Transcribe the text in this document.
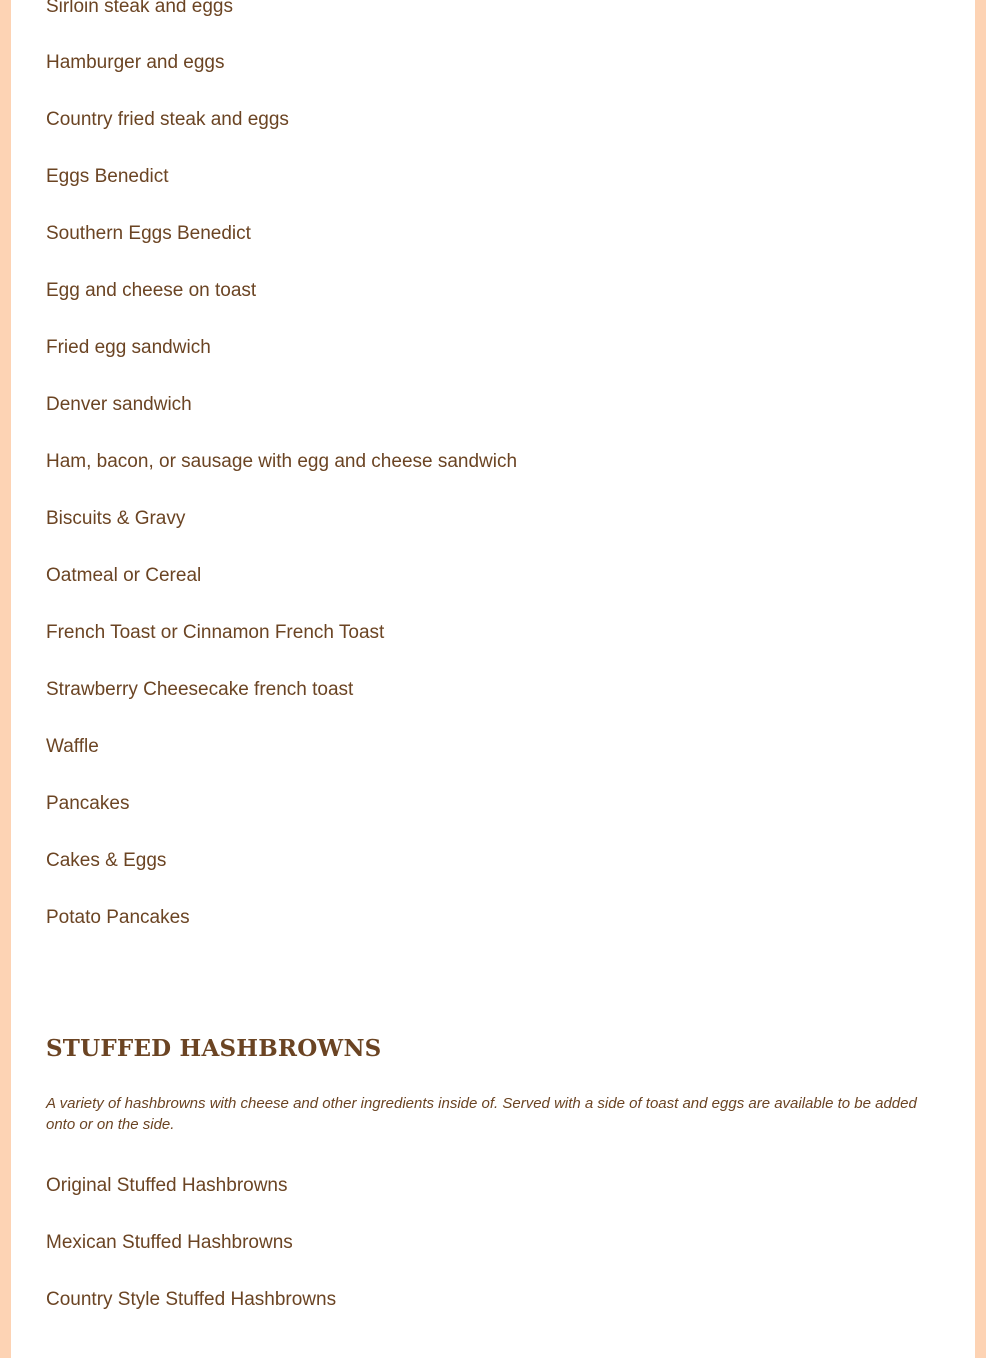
Sirloin steak and eggs
Hamburger and eggs
Country fried steak and eggs
Eggs Benedict
Southern Eggs Benedict
Egg and cheese on toast
Fried egg sandwich
Denver sandwich
Ham, bacon, or sausage with egg and cheese sandwich
Biscuits & Gravy
Oatmeal or Cereal
French Toast or Cinnamon French Toast
Strawberry Cheesecake french toast
Waffle
Pancakes
Cakes & Eggs
Potato Pancakes
STUFFED HASHBROWNS

A variety of hashbrowns with cheese and other ingredients inside of. Served with a side of toast and eggs are available to be added onto or on the side.

Original Stuffed Hashbrowns
Mexican Stuffed Hashbrowns
Country Style Stuffed Hashbrowns
